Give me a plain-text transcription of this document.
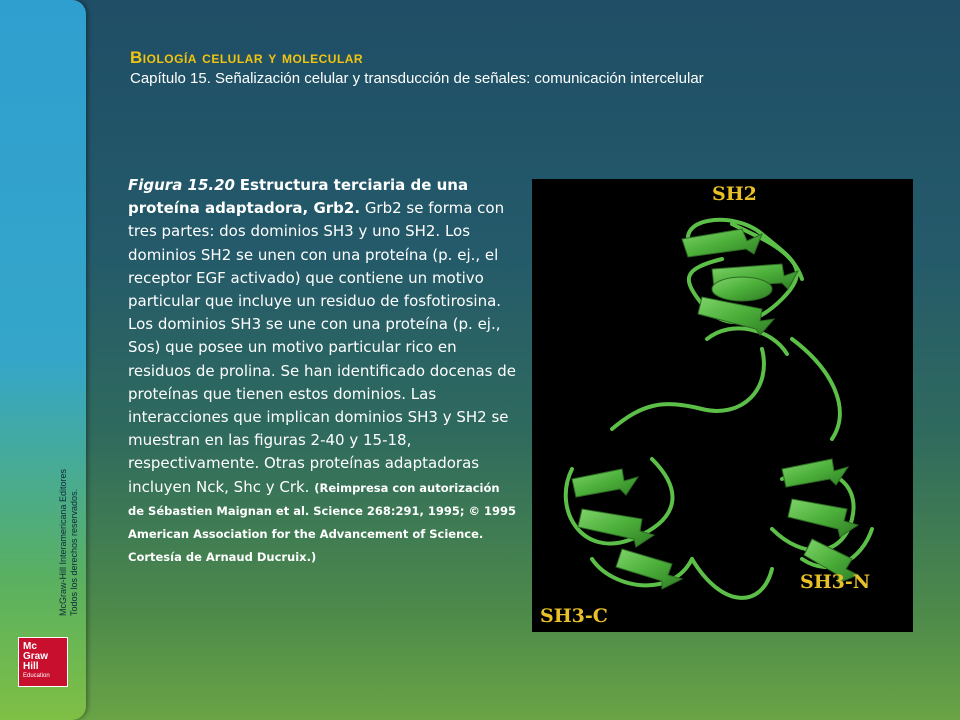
McGraw-Hill Interamericana Editores Todos los derechos reservados.
Mc
Graw
Hill
Education
Biología celular y molecular
Capítulo 15. Señalización celular y transducción de señales: comunicación intercelular
Figura 15.20 Estructura terciaria de una proteína adaptadora, Grb2. Grb2 se forma con tres partes: dos dominios SH3 y uno SH2. Los dominios SH2 se unen con una proteína (p. ej., el receptor EGF activado) que contiene un motivo particular que incluye un residuo de fosfotirosina. Los dominios SH3 se une con una proteína (p. ej., Sos) que posee un motivo particular rico en residuos de prolina. Se han identificado docenas de proteínas que tienen estos dominios. Las interacciones que implican dominios SH3 y SH2 se muestran en las figuras 2-40 y 15-18, respectivamente. Otras proteínas adaptadoras incluyen Nck, Shc y Crk. (Reimpresa con autorización de Sébastien Maignan et al. Science 268:291, 1995; © 1995 American Association for the Advancement of Science. Cortesía de Arnaud Ducruix.)
SH2
SH3-N
SH3-C
